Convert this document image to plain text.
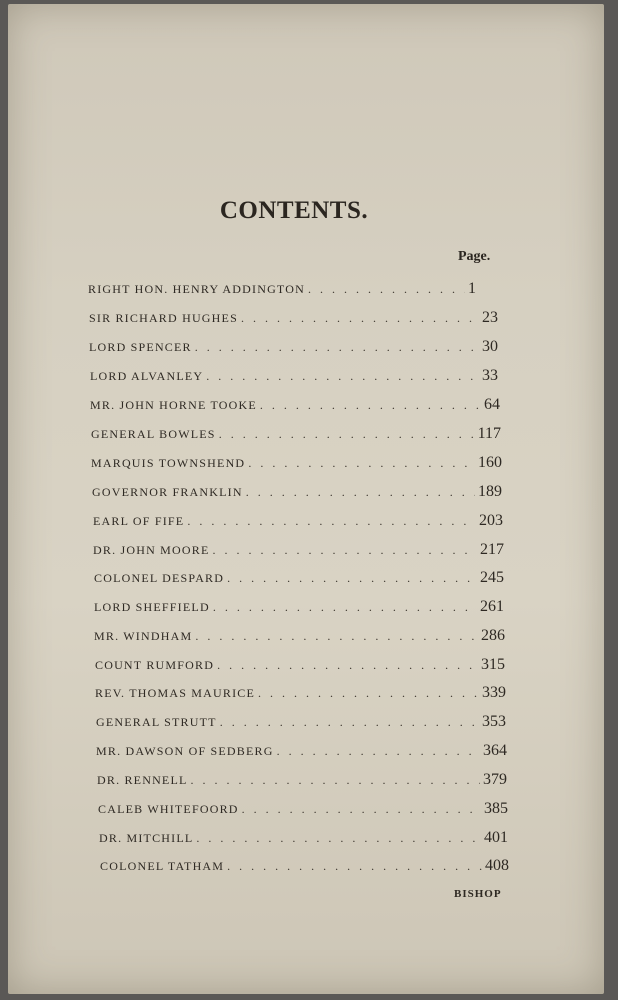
CONTENTS.
Page.
RIGHT HON. HENRY ADDINGTON . . .	1
SIR RICHARD HUGHES . . .	23
LORD SPENCER . . .	30
LORD ALVANLEY . . .	33
MR. JOHN HORNE TOOKE . . .	64
GENERAL BOWLES . . .	117
MARQUIS TOWNSHEND . . .	160
GOVERNOR FRANKLIN . . .	189
EARL OF FIFE . . .	203
DR. JOHN MOORE . . .	217
COLONEL DESPARD . . .	245
LORD SHEFFIELD . . .	261
MR. WINDHAM . . .	286
COUNT RUMFORD . . .	315
REV. THOMAS MAURICE . . .	339
GENERAL STRUTT . . .	353
MR. DAWSON OF SEDBERG . . .	364
DR. RENNELL . . .	379
CALEB WHITEFOORD . . .	385
DR. MITCHILL . . .	401
COLONEL TATHAM . . .	408
BISHOP
